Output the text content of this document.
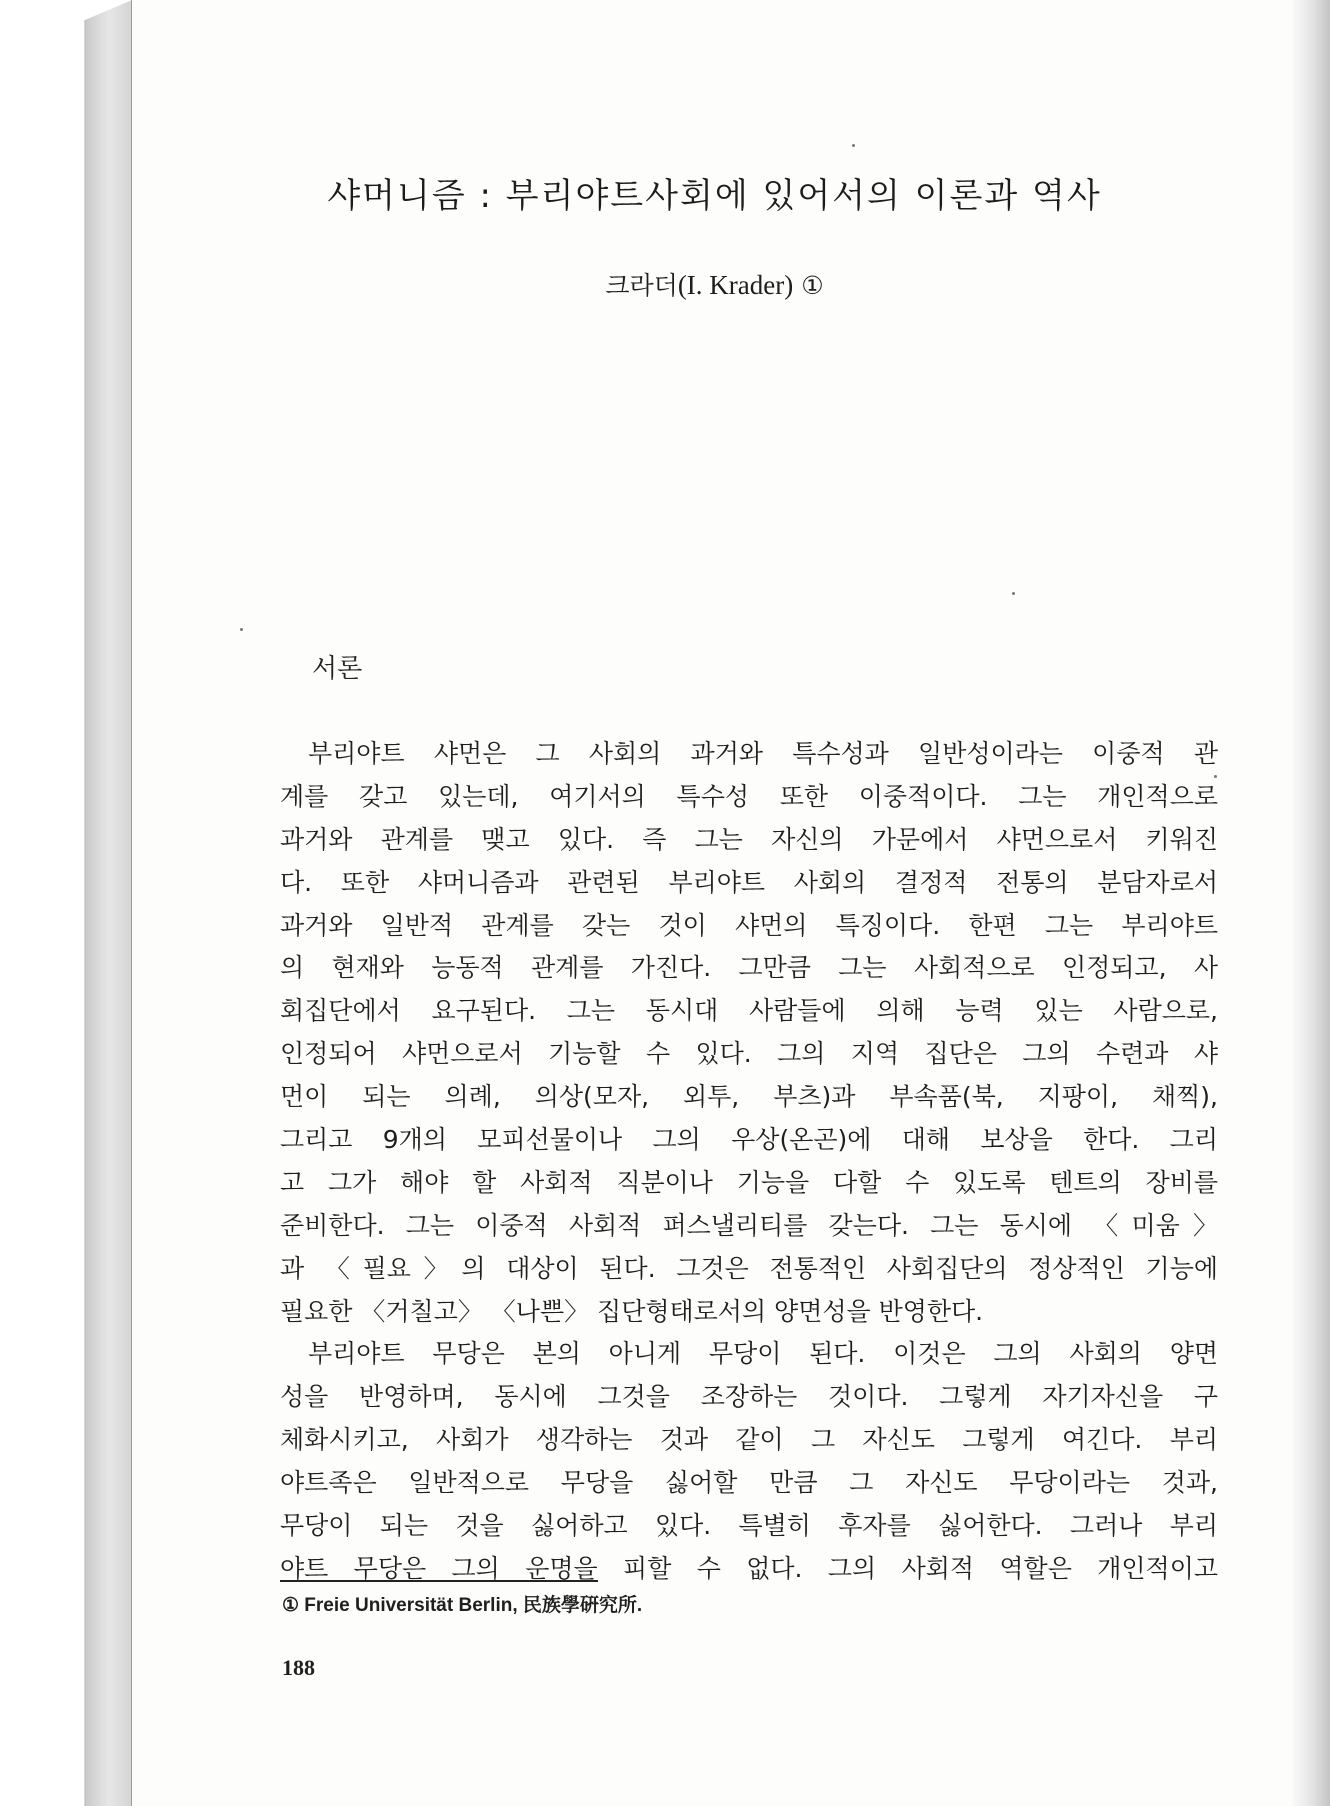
샤머니즘 : 부리야트사회에 있어서의 이론과 역사
크라더(I. Krader) ①
서론
부리야트 샤먼은 그 사회의 과거와 특수성과 일반성이라는 이중적 관
계를 갖고 있는데, 여기서의 특수성 또한 이중적이다. 그는 개인적으로
과거와 관계를 맺고 있다. 즉 그는 자신의 가문에서 샤먼으로서 키워진
다. 또한 샤머니즘과 관련된 부리야트 사회의 결정적 전통의 분담자로서
과거와 일반적 관계를 갖는 것이 샤먼의 특징이다. 한편 그는 부리야트
의 현재와 능동적 관계를 가진다. 그만큼 그는 사회적으로 인정되고, 사
회집단에서 요구된다. 그는 동시대 사람들에 의해 능력 있는 사람으로,
인정되어 샤먼으로서 기능할 수 있다. 그의 지역 집단은 그의 수련과 샤
먼이 되는 의례, 의상(모자, 외투, 부츠)과 부속품(북, 지팡이, 채찍),
그리고 9개의 모피선물이나 그의 우상(온곤)에 대해 보상을 한다. 그리
고 그가 해야 할 사회적 직분이나 기능을 다할 수 있도록 텐트의 장비를
준비한다. 그는 이중적 사회적 퍼스낼리티를 갖는다. 그는 동시에 〈미움〉
과 〈필요〉의 대상이 된다. 그것은 전통적인 사회집단의 정상적인 기능에
필요한 〈거칠고〉 〈나쁜〉 집단형태로서의 양면성을 반영한다.
부리야트 무당은 본의 아니게 무당이 된다. 이것은 그의 사회의 양면
성을 반영하며, 동시에 그것을 조장하는 것이다. 그렇게 자기자신을 구
체화시키고, 사회가 생각하는 것과 같이 그 자신도 그렇게 여긴다. 부리
야트족은 일반적으로 무당을 싫어할 만큼 그 자신도 무당이라는 것과,
무당이 되는 것을 싫어하고 있다. 특별히 후자를 싫어한다. 그러나 부리
야트 무당은 그의 운명을 피할 수 없다. 그의 사회적 역할은 개인적이고
① Freie Universität Berlin, 民族學硏究所.
188
